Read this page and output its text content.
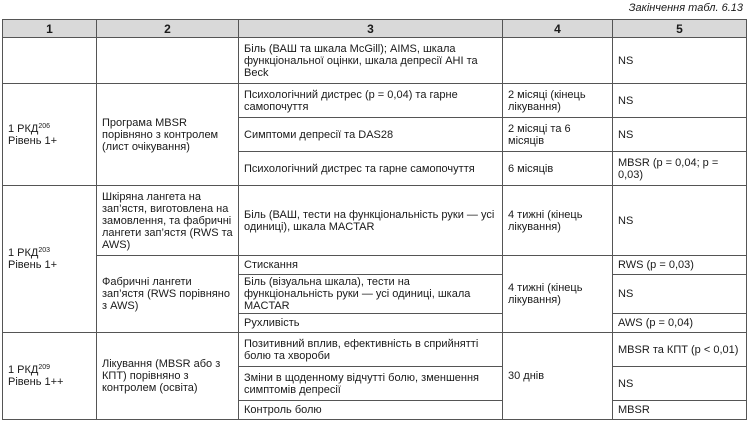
Закінчення табл. 6.13
1	2	3	4	5
		Біль (ВАШ та шкала McGill); AIMS, шкала функціональної оцінки, шкала депресії AHI та Beck		NS
1 РКД$^{206}$
Рівень 1+	Програма MBSR порівняно з контролем (лист очікування)	Психологічний дистрес (p = 0,04) та гарне самопочуття	2 місяці (кінець лікування)	NS
		Симптоми депресії та DAS28	2 місяці та 6 місяців	NS
		Психологічний дистрес та гарне самопочуття	6 місяців	MBSR (p = 0,04; p = 0,03)
1 РКД$^{203}$
Рівень 1+	Шкіряна лангета на зап’ястя, виготовлена на замовлення, та фабричні лангети зап’ястя (RWS та AWS)	Біль (ВАШ, тести на функціональність руки — усі одиниці), шкала MACTAR	4 тижні (кінець лікування)	NS
	Фабричні лангети зап’ястя (RWS порівняно з AWS)	Стискання	4 тижні (кінець лікування)	RWS (p = 0,03)
		Біль (візуальна шкала), тести на функціональність руки — усі одиниці, шкала MACTAR		NS
		Рухливість		AWS (p = 0,04)
1 РКД$^{209}$
Рівень 1++	Лікування (MBSR або з КПТ) порівняно з контролем (освіта)	Позитивний вплив, ефективність в сприйнятті болю та хвороби	30 днів	MBSR та КПТ (p < 0,01)
		Зміни в щоденному відчутті болю, зменшення симптомів депресії		NS
		Контроль болю		MBSR
